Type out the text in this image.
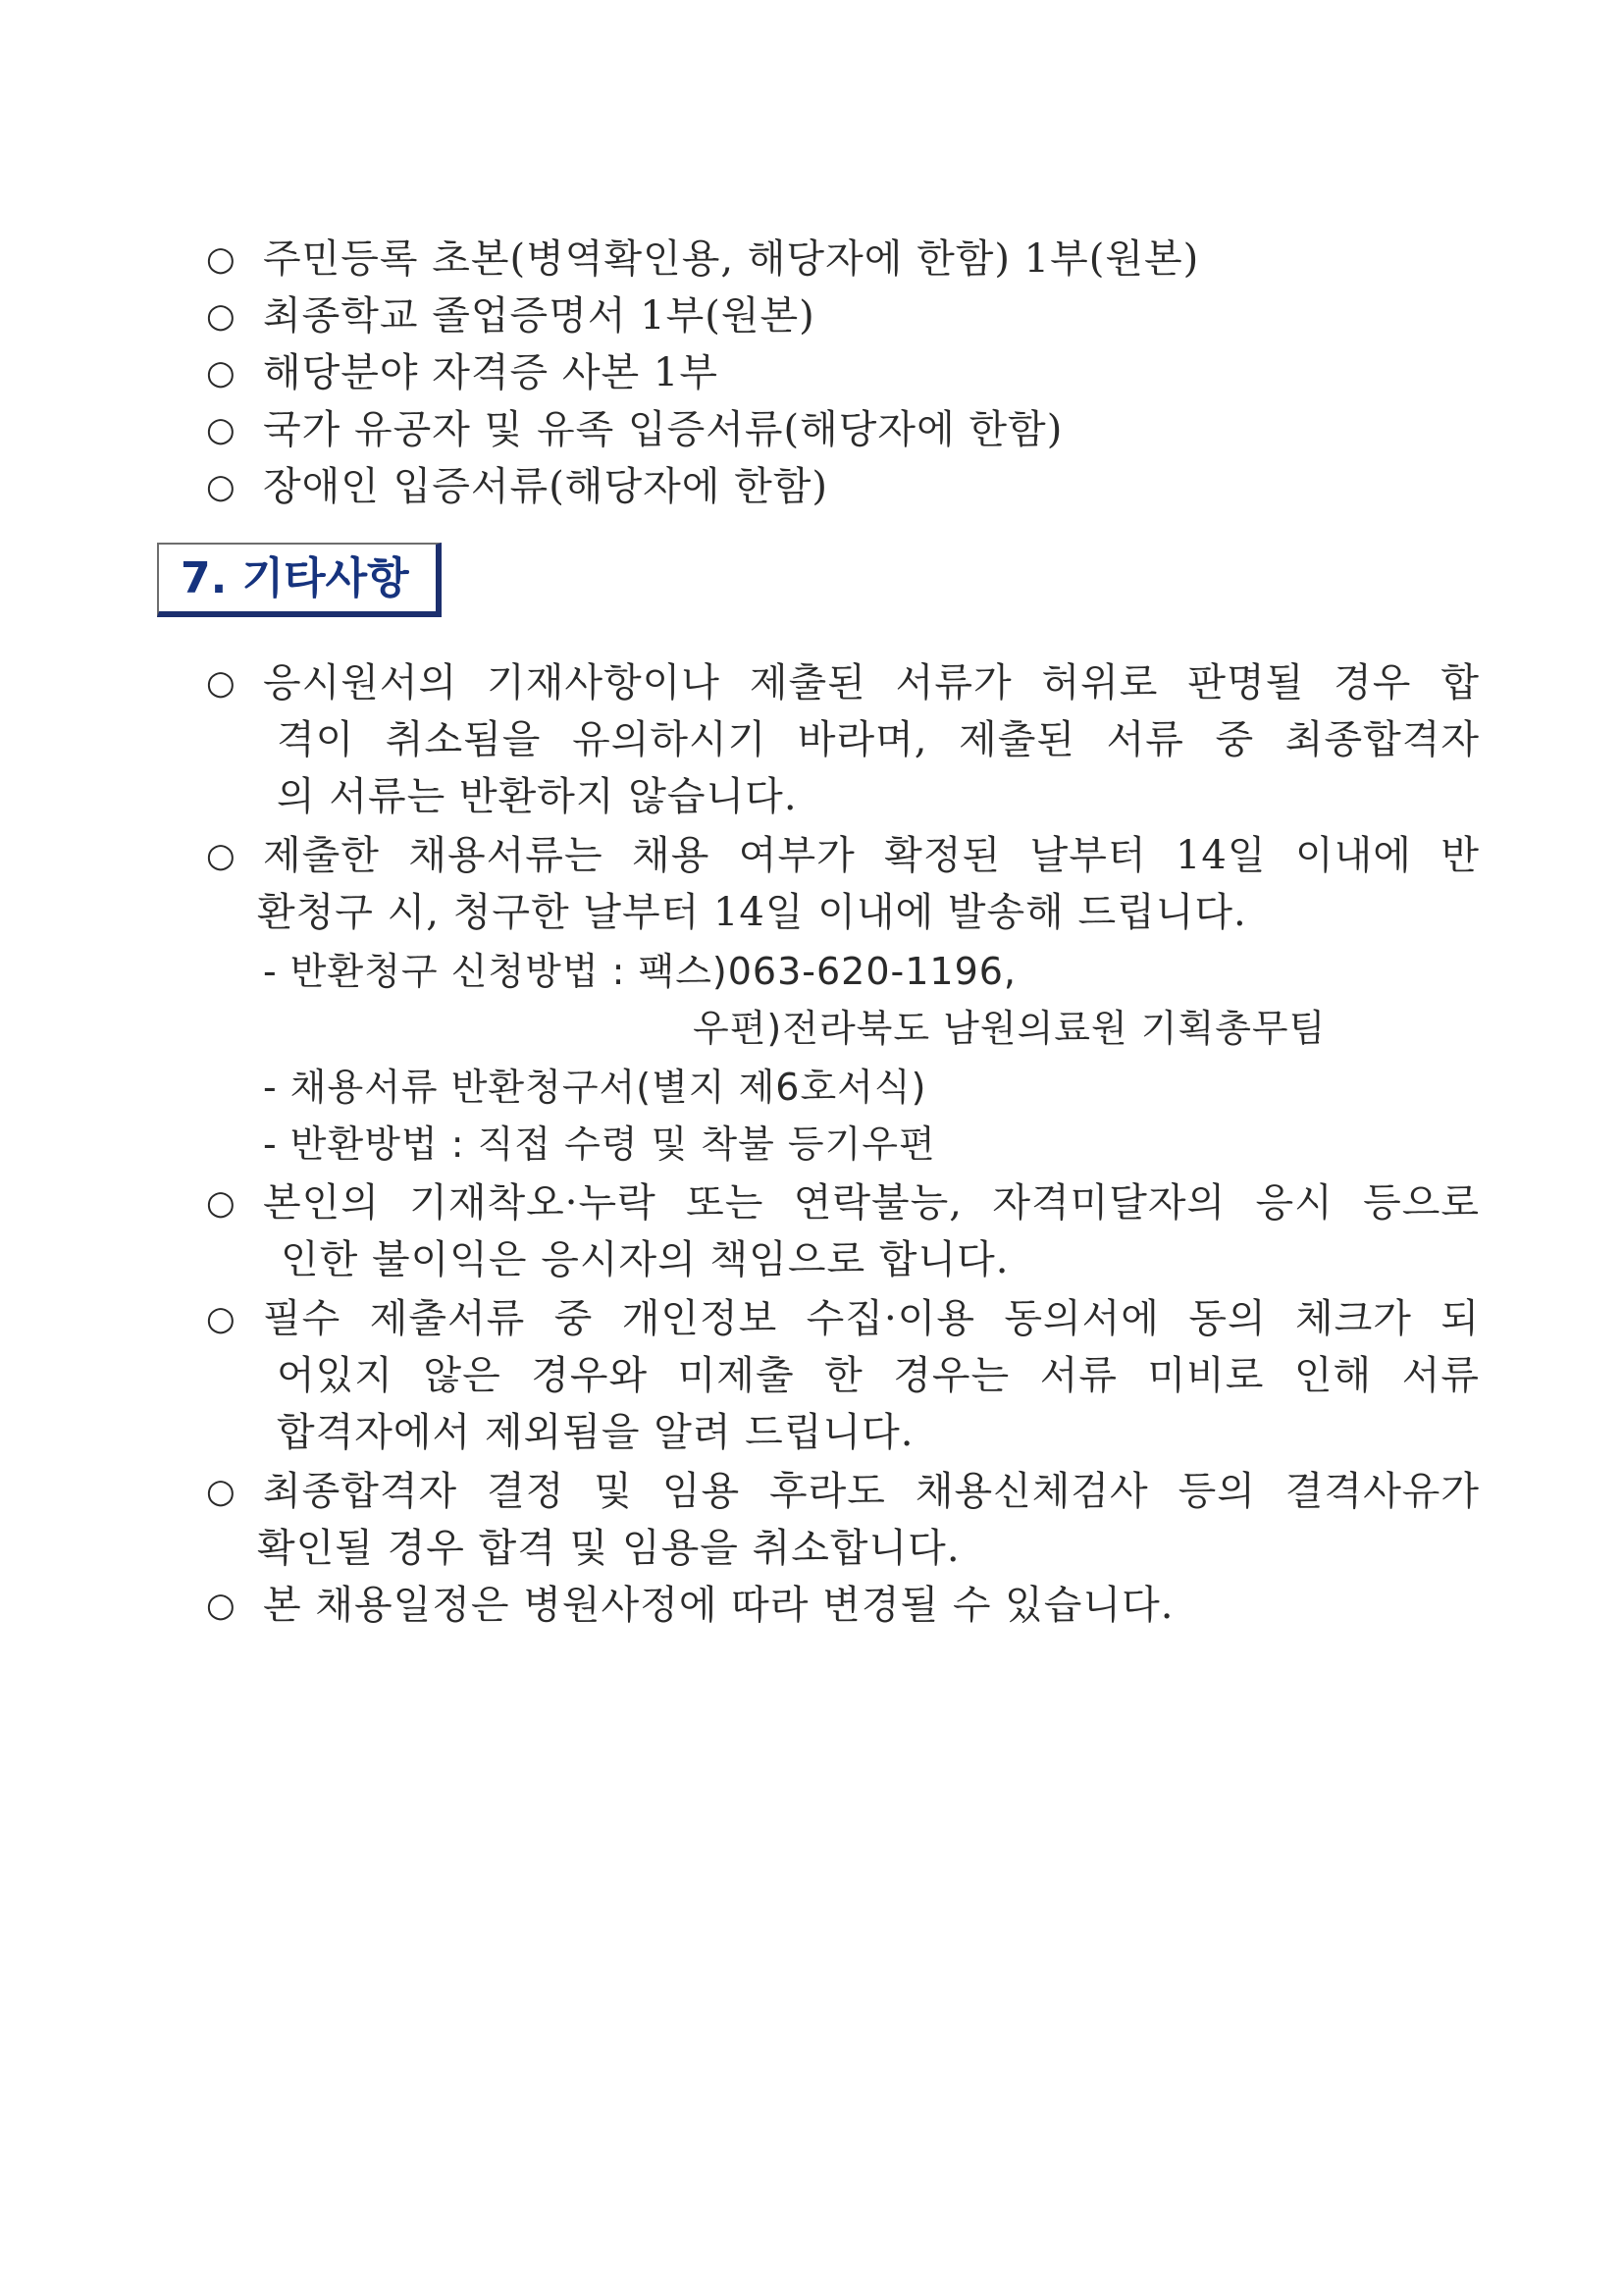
○ 주민등록 초본(병역확인용, 해당자에 한함) 1부(원본)
○ 최종학교 졸업증명서 1부(원본)
○ 해당분야 자격증 사본 1부
○ 국가 유공자 및 유족 입증서류(해당자에 한함)
○ 장애인 입증서류(해당자에 한함)
7. 기타사항
○ 응시원서의 기재사항이나 제출된 서류가 허위로 판명될 경우 합
격이 취소됨을 유의하시기 바라며, 제출된 서류 중 최종합격자
의 서류는 반환하지 않습니다.
○ 제출한 채용서류는 채용 여부가 확정된 날부터 14일 이내에 반
환청구 시, 청구한 날부터 14일 이내에 발송해 드립니다.
- 반환청구 신청방법 : 팩스)063-620-1196,
우편)전라북도 남원의료원 기획총무팀
- 채용서류 반환청구서(별지 제6호서식)
- 반환방법 : 직접 수령 및 착불 등기우편
○ 본인의 기재착오·누락 또는 연락불능, 자격미달자의 응시 등으로
인한 불이익은 응시자의 책임으로 합니다.
○ 필수 제출서류 중 개인정보 수집·이용 동의서에 동의 체크가 되
어있지 않은 경우와 미제출 한 경우는 서류 미비로 인해 서류
합격자에서 제외됨을 알려 드립니다.
○ 최종합격자 결정 및 임용 후라도 채용신체검사 등의 결격사유가
확인될 경우 합격 및 임용을 취소합니다.
○ 본 채용일정은 병원사정에 따라 변경될 수 있습니다.
